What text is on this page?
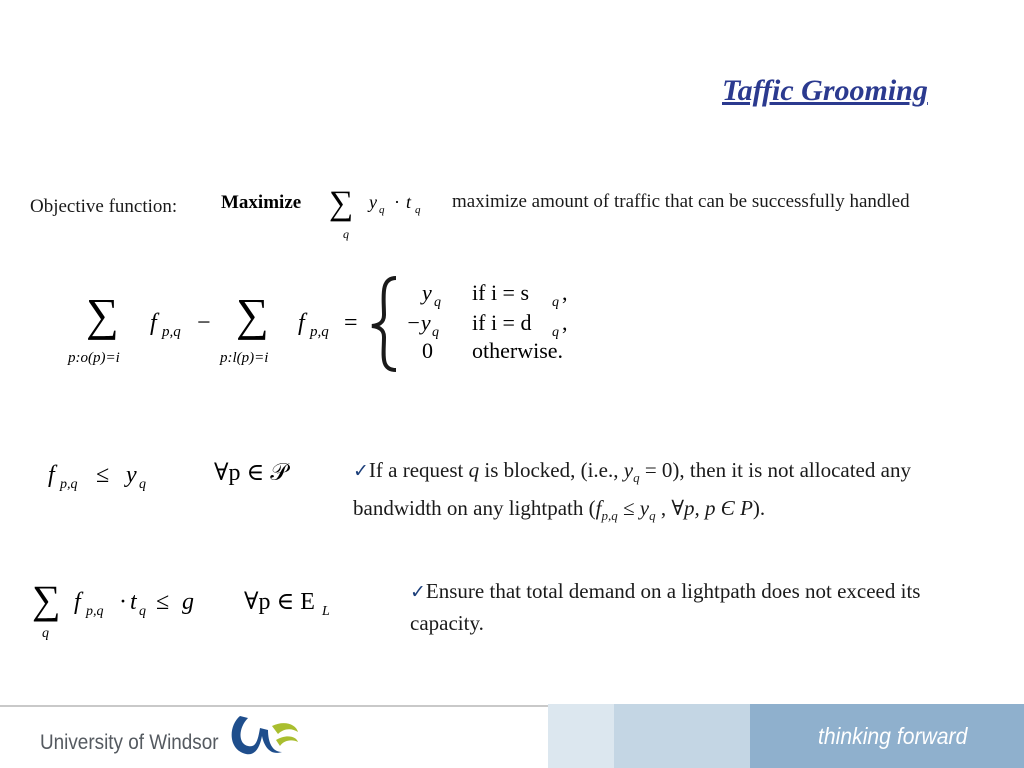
Taffic Grooming
Objective function: Maximize ∑
q
y q · t q maximize amount of traffic that can be successfully handled
∑
p:o(p)=i
f p,q − ∑
p:l(p)=i
f p,q =
y q if i = s q ,
−y q if i = d q ,
0 otherwise.
f p,q ≤ y q	∀p ∈ 𝒫	✓If a request q is blocked, (i.e., $y_q = 0$), then it is not allocated any bandwidth on any lightpath ($f_{p,q} \le y_q$ , ∀p, p Є P).
∑
q
f p,q · t q ≤ g ∀p ∈ E L
✓Ensure that total demand on a lightpath does not exceed its capacity.
University of Windsor	thinking forward
